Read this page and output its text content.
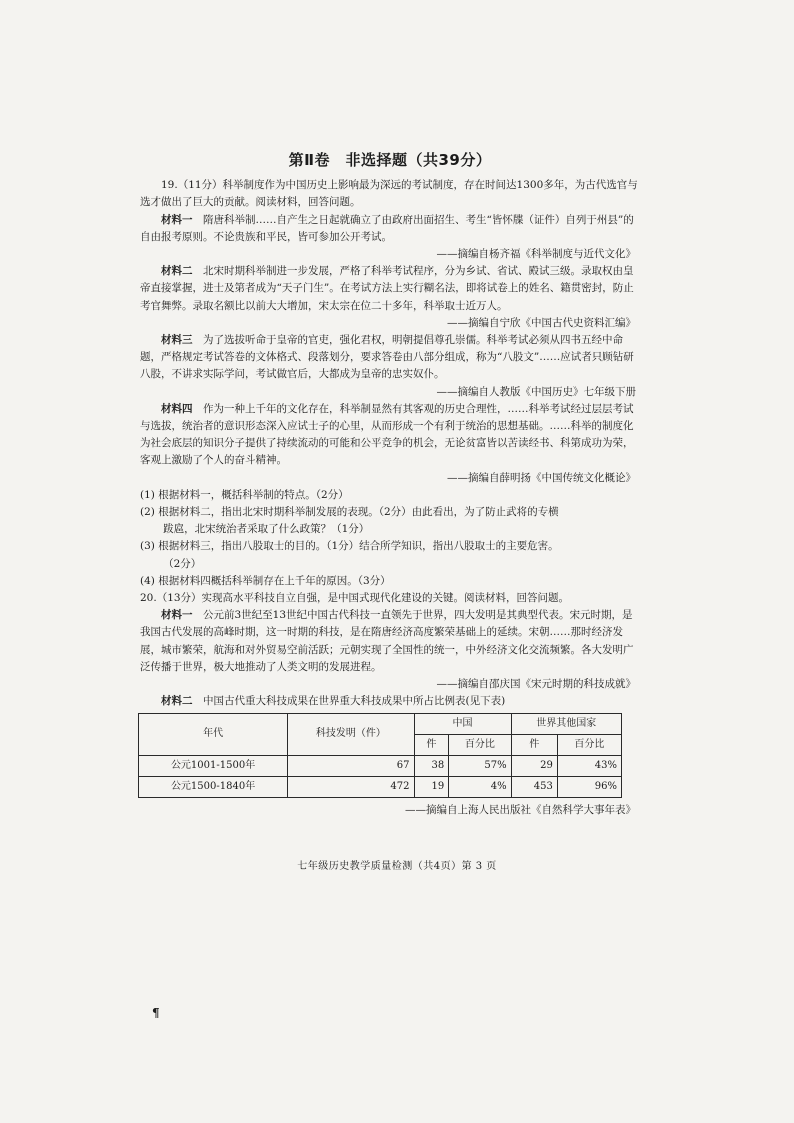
第Ⅱ卷　非选择题（共39分）

19.（11分）科举制度作为中国历史上影响最为深远的考试制度，存在时间达1300多年，为古代选官与选才做出了巨大的贡献。阅读材料，回答问题。

材料一　 隋唐科举制……自产生之日起就确立了由政府出面招生、考生“皆怀牒（证件）自列于州县”的自由报考原则。不论贵族和平民，皆可参加公开考试。

——摘编自杨齐福《科举制度与近代文化》

材料二　 北宋时期科举制进一步发展，严格了科举考试程序，分为乡试、省试、殿试三级。录取权由皇帝直接掌握，进士及第者成为“天子门生”。在考试方法上实行糊名法，即将试卷上的姓名、籍贯密封，防止考官舞弊。录取名额比以前大大增加，宋太宗在位二十多年，科举取士近万人。

——摘编自宁欣《中国古代史资料汇编》

材料三　 为了选拔听命于皇帝的官吏，强化君权，明朝提倡尊孔崇儒。科举考试必须从四书五经中命题，严格规定考试答卷的文体格式、段落划分，要求答卷由八部分组成，称为“八股文”……应试者只顾钻研八股，不讲求实际学问，考试做官后，大都成为皇帝的忠实奴仆。

——摘编自人教版《中国历史》七年级下册

材料四　 作为一种上千年的文化存在，科举制显然有其客观的历史合理性，……科举考试经过层层考试与选拔，统治者的意识形态深入应试士子的心里，从而形成一个有利于统治的思想基础。……科举的制度化为社会底层的知识分子提供了持续流动的可能和公平竞争的机会，无论贫富皆以苦读经书、科第成功为荣，客观上激励了个人的奋斗精神。

——摘编自薛明扬《中国传统文化概论》

(1) 根据材料一，概括科举制的特点。（2分）

(2) 根据材料二，指出北宋时期科举制发展的表现。（2分）由此看出，为了防止武将的专横

跋扈，北宋统治者采取了什么政策？（1分）

(3) 根据材料三，指出八股取士的目的。（1分）结合所学知识，指出八股取士的主要危害。

（2分）

(4) 根据材料四概括科举制存在上千年的原因。（3分）

20.（13分）实现高水平科技自立自强，是中国式现代化建设的关键。阅读材料，回答问题。

材料一　 公元前3世纪至13世纪中国古代科技一直领先于世界，四大发明是其典型代表。宋元时期，是我国古代发展的高峰时期，这一时期的科技，是在隋唐经济高度繁荣基础上的延续。宋朝……那时经济发展，城市繁荣，航海和对外贸易空前活跃；元朝实现了全国性的统一，中外经济文化交流频繁。各大发明广泛传播于世界，极大地推动了人类文明的发展进程。

——摘编自邵庆国《宋元时期的科技成就》

材料二　 中国古代重大科技成果在世界重大科技成果中所占比例表(见下表)

年代	科技发明（件）	中国		世界其他国家	
		件	百分比	件	百分比
公元1001-1500年	67	38	57%	29	43%
公元1500-1840年	472	19	4%	453	96%

——摘编自上海人民出版社《自然科学大事年表》

七年级历史教学质量检测（共4页）第 3 页
¶
